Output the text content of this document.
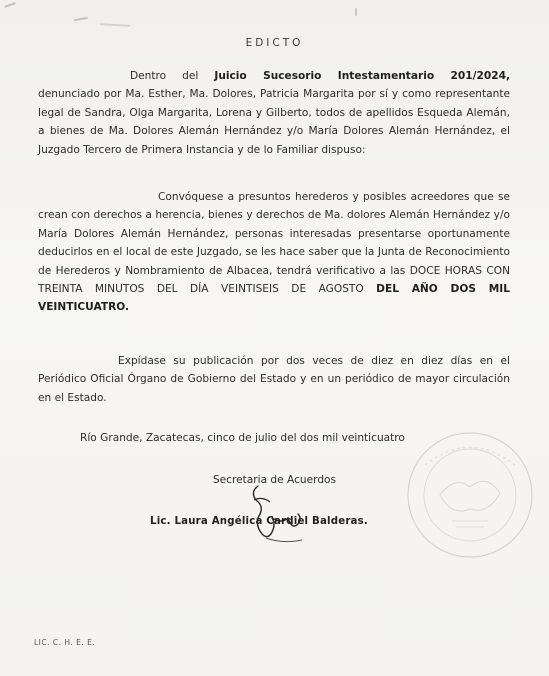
EDICTO
Dentro del Juicio Sucesorio Intestamentario 201/2024, denunciado por Ma. Esther, Ma. Dolores, Patricia Margarita por sí y como representante legal de Sandra, Olga Margarita, Lorena y Gilberto, todos de apellidos Esqueda Alemán, a bienes de Ma. Dolores Alemán Hernández y/o María Dolores Alemán Hernández, el Juzgado Tercero de Primera Instancia y de lo Familiar dispuso:
Convóquese a presuntos herederos y posibles acreedores que se crean con derechos a herencia, bienes y derechos de Ma. dolores Alemán Hernández y/o María Dolores Alemán Hernández, personas interesadas presentarse oportunamente deducirlos en el local de este Juzgado, se les hace saber que la Junta de Reconocimiento de Herederos y Nombramiento de Albacea, tendrá verificativo a las DOCE HORAS CON TREINTA MINUTOS DEL DÍA VEINTISEIS DE AGOSTO DEL AÑO DOS MIL VEINTICUATRO.
Expídase su publicación por dos veces de diez en diez días en el Periódico Oficial Órgano de Gobierno del Estado y en un periódico de mayor circulación en el Estado.
Río Grande, Zacatecas, cinco de julio del dos mil veinticuatro
Secretaria de Acuerdos
Lic. Laura Angélica Cardiel Balderas.
LIC. C. H. E. E.
